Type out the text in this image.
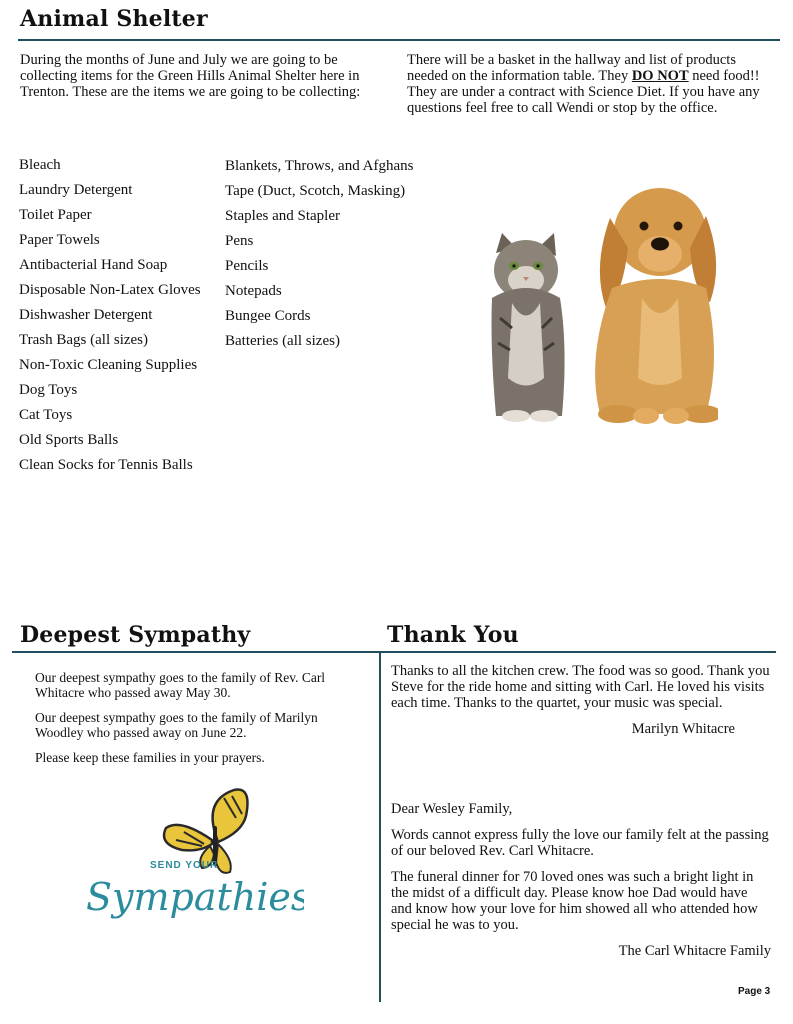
Animal Shelter

During the months of June and July we are going to be collecting items for the Green Hills Animal Shelter here in Trenton. These are the items we are going to be collecting:

There will be a basket in the hallway and list of products needed on the information table. They DO NOT need food!! They are under a contract with Science Diet. If you have any questions feel free to call Wendi or stop by the office.

Bleach
Laundry Detergent
Toilet Paper
Paper Towels
Antibacterial Hand Soap
Disposable Non-Latex Gloves
Dishwasher Detergent
Trash Bags (all sizes)
Non-Toxic Cleaning Supplies
Dog Toys
Cat Toys
Old Sports Balls
Clean Socks for Tennis Balls
Blankets, Throws, and Afghans
Tape (Duct, Scotch, Masking)
Staples and Stapler
Pens
Pencils
Notepads
Bungee Cords
Batteries (all sizes)
Deepest Sympathy	Thank You

Our deepest sympathy goes to the family of Rev. Carl Whitacre who passed away May 30.

Our deepest sympathy goes to the family of Marilyn Woodley who passed away on June 22.

Please keep these families in your prayers.

SEND YOUR
Sympathies

Thanks to all the kitchen crew. The food was so good. Thank you Steve for the ride home and sitting with Carl. He loved his visits each time. Thanks to the quartet, your music was special.

Marilyn Whitacre

Dear Wesley Family,

Words cannot express fully the love our family felt at the passing of our beloved Rev. Carl Whitacre.

The funeral dinner for 70 loved ones was such a bright light in the midst of a difficult day. Please know hoe Dad would have and know how your love for him showed all who attended how special he was to you.

The Carl Whitacre Family
Page 3
